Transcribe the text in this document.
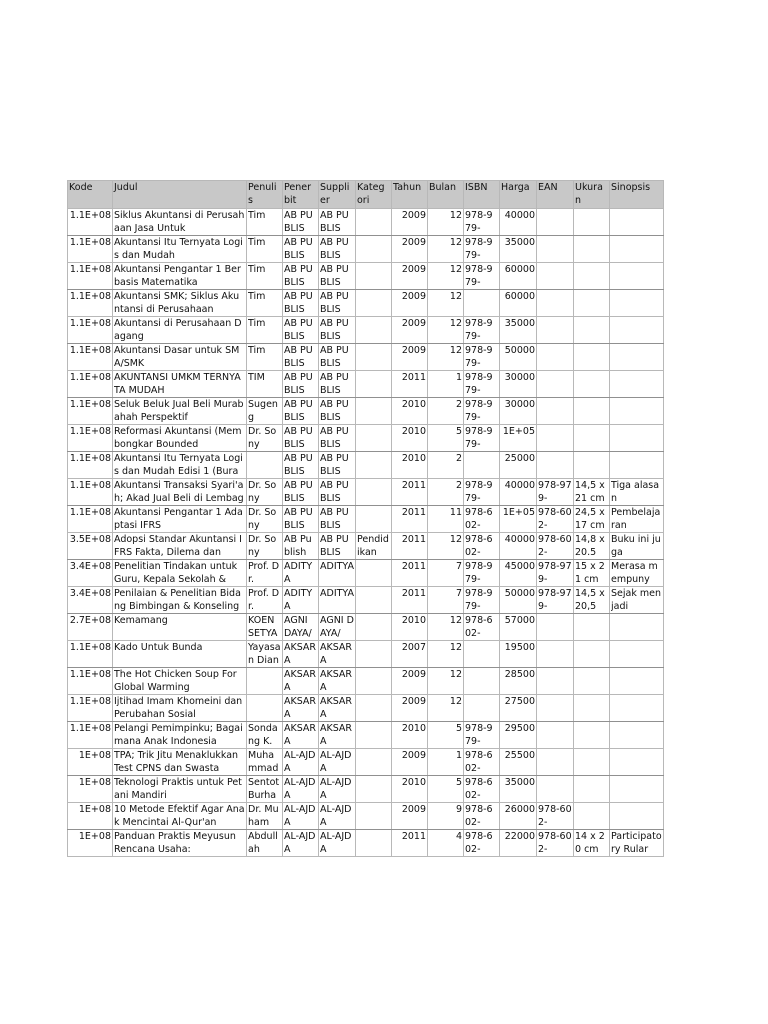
Kode	Judul	Penulis	Penerbit	Supplier	Kategori	Tahun	Bulan	ISBN	Harga	EAN	Ukuran	Sinopsis

1.1E+08	Siklus Akuntansi di Perusahaan Jasa Untuk	Tim	AB PUBLIS	AB PUBLIS		2009	12	978-979-	40000			

1.1E+08	Akuntansi Itu Ternyata Logis dan Mudah	Tim	AB PUBLIS	AB PUBLIS		2009	12	978-979-	35000			

1.1E+08	Akuntansi Pengantar 1 Berbasis Matematika	Tim	AB PUBLIS	AB PUBLIS		2009	12	978-979-	60000			

1.1E+08	Akuntansi SMK; Siklus Akuntansi di Perusahaan	Tim	AB PUBLIS	AB PUBLIS		2009	12		60000			

1.1E+08	Akuntansi di Perusahaan Dagang	Tim	AB PUBLIS	AB PUBLIS		2009	12	978-979-	35000			

1.1E+08	Akuntansi Dasar untuk SMA/SMK	Tim	AB PUBLIS	AB PUBLIS		2009	12	978-979-	50000			

1.1E+08	AKUNTANSI UMKM TERNYATA MUDAH	TIM	AB PUBLIS	AB PUBLIS		2011	1	978-979-	30000			

1.1E+08	Seluk Beluk Jual Beli Murabahah Perspektif	Sugeng	AB PUBLIS	AB PUBLIS		2010	2	978-979-	30000			

1.1E+08	Reformasi Akuntansi (Membongkar Bounded	Dr. Sony	AB PUBLIS	AB PUBLIS		2010	5	978-979-	1E+05			

1.1E+08	Akuntansi Itu Ternyata Logis dan Mudah Edisi 1 (Bura		AB PUBLIS	AB PUBLIS		2010	2		25000			

1.1E+08	Akuntansi Transaksi Syari'ah; Akad Jual Beli di Lembag	Dr. Sony	AB PUBLIS	AB PUBLIS		2011	2	978-979-	40000	978-979-	14,5 x 21 cm	Tiga alasan

1.1E+08	Akuntansi Pengantar 1 Adaptasi IFRS	Dr. Sony	AB PUBLIS	AB PUBLIS		2011	11	978-602-	1E+05	978-602-	24,5 x 17 cm	Pembelajaran

3.5E+08	Adopsi Standar Akuntansi IFRS Fakta, Dilema dan	Dr. Sony	AB Publish	AB PUBLIS	Pendidikan	2011	12	978-602-	40000	978-602-	14,8 x 20.5	Buku ini juga

3.4E+08	Penelitian Tindakan untuk Guru, Kepala Sekolah &	Prof. Dr.	ADITYA	ADITYA		2011	7	978-979-	45000	978-979-	15 x 21 cm	Merasa mempuny

3.4E+08	Penilaian & Penelitian Bidang Bimbingan & Konseling	Prof. Dr.	ADITYA	ADITYA		2011	7	978-979-	50000	978-979-	14,5 x 20,5	Sejak menjadi

2.7E+08	Kemamang	KOEN SETYA	AGNI DAYA/	AGNI DAYA/		2010	12	978-602-	57000			

1.1E+08	Kado Untuk Bunda	Yayasan Dian	AKSARA	AKSARA		2007	12		19500			

1.1E+08	The Hot Chicken Soup For Global Warming		AKSARA	AKSARA		2009	12		28500			

1.1E+08	Ijtihad Imam Khomeini dan Perubahan Sosial		AKSARA	AKSARA		2009	12		27500			

1.1E+08	Pelangi Pemimpinku; Bagaimana Anak Indonesia	Sondang K.	AKSARA	AKSARA		2010	5	978-979-	29500			

1E+08	TPA; Trik Jitu Menaklukkan Test CPNS dan Swasta	Muhammad	AL-AJDA	AL-AJDA		2009	1	978-602-	25500			

1E+08	Teknologi Praktis untuk Petani Mandiri	Sentot Burha	AL-AJDA	AL-AJDA		2010	5	978-602-	35000			

1E+08	10 Metode Efektif Agar Anak Mencintai Al-Qur'an	Dr. Muham	AL-AJDA	AL-AJDA		2009	9	978-602-	26000	978-602-		

1E+08	Panduan Praktis Meyusun Rencana Usaha:	Abdullah	AL-AJDA	AL-AJDA		2011	4	978-602-	22000	978-602-	14 x 20 cm	Participatory Rular
